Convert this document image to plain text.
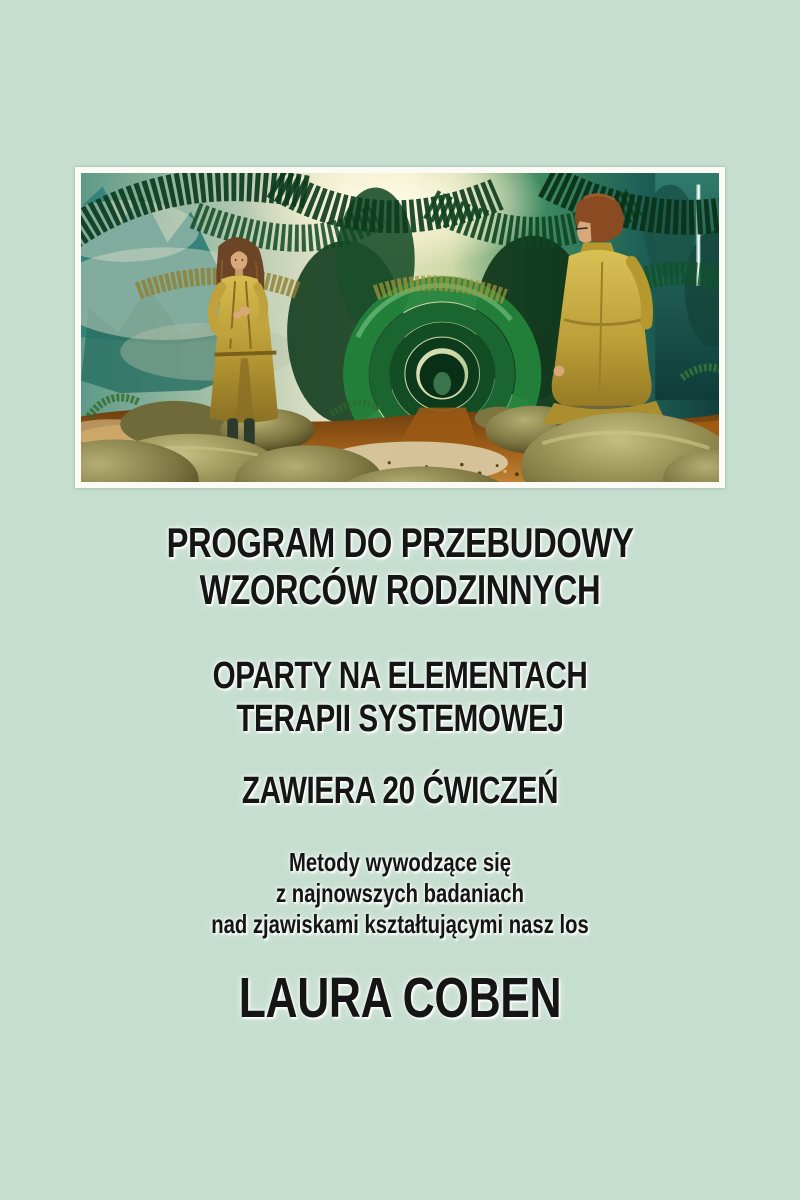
PROGRAM DO PRZEBUDOWY
WZORCÓW RODZINNYCH
OPARTY NA ELEMENTACH
TERAPII SYSTEMOWEJ
ZAWIERA 20 ĆWICZEŃ
Metody wywodzące się
z najnowszych badaniach
nad zjawiskami kształtującymi nasz los
LAURA COBEN
